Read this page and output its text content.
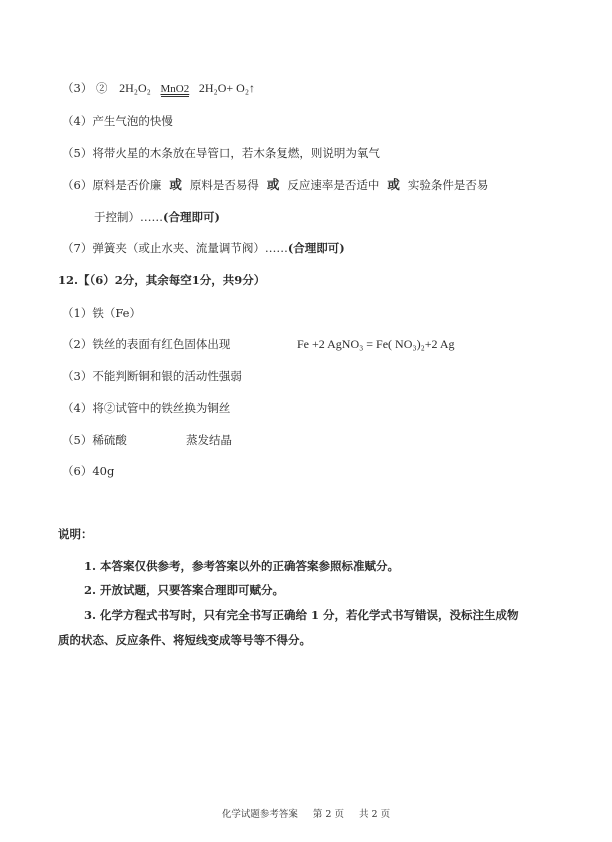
（3） ② 2H₂O₂ MnO2 2H₂O+ O₂↑
（4）产生气泡的快慢
（5）将带火星的木条放在导管口，若木条复燃，则说明为氧气
（6）原料是否价廉 或 原料是否易得 或 反应速率是否适中 或 实验条件是否易
于控制）……(合理即可)
（7）弹簧夹（或止水夹、流量调节阀）……(合理即可)
12.【（6）2分，其余每空1分，共9分）
（1）铁（Fe）
（2）铁丝的表面有红色固体出现	Fe +2 AgNO₃ = Fe( NO₃)₂+2 Ag
（3）不能判断铜和银的活动性强弱
（4）将②试管中的铁丝换为铜丝
（5）稀硫酸	蒸发结晶
（6）40g
说明：
1. 本答案仅供参考，参考答案以外的正确答案参照标准赋分。
2. 开放试题，只要答案合理即可赋分。
3. 化学方程式书写时，只有完全书写正确给 1 分，若化学式书写错误，没标注生成物
质的状态、反应条件、将短线变成等号等不得分。
化学试题参考答案 第 2 页 共 2 页
